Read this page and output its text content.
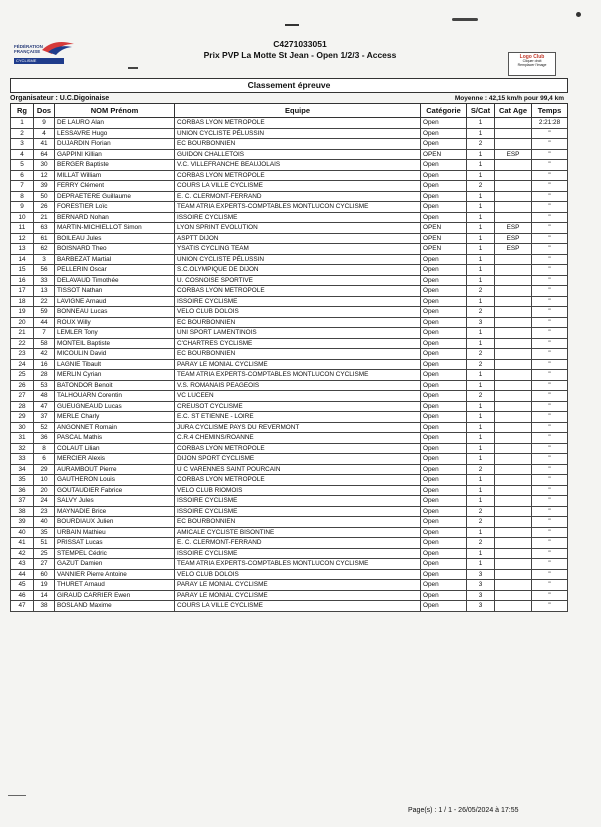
FÉDÉRATION
FRANÇAISE
CYCLISME
C4271033051
Prix PVP La Motte St Jean - Open 1/2/3 - Access	Logo Club
Cliquer droit
Remplacer l'image
Classement épreuve
Organisateur : U.C.Digoinaise	Moyenne : 42,15 km/h pour 99,4 km
Rg	Dos	NOM Prénom	Equipe	Catégorie	S/Cat	Cat Age	Temps
1	9	DE LAURO Alan	CORBAS LYON METROPOLE	Open	1		2:21:28
2	4	LESSAVRE Hugo	UNION CYCLISTE PÉLUSSIN	Open	1		"
3	41	DUJARDIN Florian	EC BOURBONNIEN	Open	2		"
4	64	GAPPINI Killian	GUIDON CHALLETOIS	OPEN	1	ESP	"
5	30	BERGER Baptiste	V.C. VILLEFRANCHE BEAUJOLAIS	Open	1		"
6	12	MILLAT William	CORBAS LYON METROPOLE	Open	1		"
7	39	FERRY Clément	COURS LA VILLE CYCLISME	Open	2		"
8	50	DEPRAETERE Guillaume	E. C. CLERMONT-FERRAND	Open	1		"
9	26	FORESTIER Loïc	TEAM ATRIA EXPERTS-COMPTABLES MONTLUCON CYCLISME	Open	1		"
10	21	BERNARD Nohan	ISSOIRE CYCLISME	Open	1		"
11	63	MARTIN-MICHIELLOT Simon	LYON SPRINT EVOLUTION	OPEN	1	ESP	"
12	61	BOILEAU Jules	ASPTT DIJON	OPEN	1	ESP	"
13	62	BOISNARD Theo	YSATIS CYCLING TEAM	OPEN	1	ESP	"
14	3	BARBEZAT Martial	UNION CYCLISTE PÉLUSSIN	Open	1		"
15	56	PELLERIN Oscar	S.C.OLYMPIQUE DE DIJON	Open	1		"
16	33	DELAVAUD Timothée	U. COSNOISE SPORTIVE	Open	1		"
17	13	TISSOT Nathan	CORBAS LYON METROPOLE	Open	2		"
18	22	LAVIGNE Arnaud	ISSOIRE CYCLISME	Open	1		"
19	59	BONNEAU Lucas	VELO CLUB DOLOIS	Open	2		"
20	44	ROUX Willy	EC BOURBONNIEN	Open	3		"
21	7	LEMLER Tony	UNI SPORT LAMENTINOIS	Open	1		"
22	58	MONTEIL Baptiste	C'CHARTRES CYCLISME	Open	1		"
23	42	MICOULIN David	EC BOURBONNIEN	Open	2		"
24	16	LAGNIE Tibault	PARAY LE MONIAL CYCLISME	Open	2		"
25	28	MERLIN Cyrian	TEAM ATRIA EXPERTS-COMPTABLES MONTLUCON CYCLISME	Open	1		"
26	53	BATONDOR Benoit	V.S. ROMANAIS PEAGEOIS	Open	1		"
27	48	TALHOUARN Corentin	VC LUCEEN	Open	2		"
28	47	GUEUGNEAUD Lucas	CREUSOT CYCLISME	Open	1		"
29	37	MERLE Charly	E.C. ST ETIENNE - LOIRE	Open	1		"
30	52	ANGONNET Romain	JURA CYCLISME PAYS DU REVERMONT	Open	1		"
31	36	PASCAL Mathis	C.R.4 CHEMINS/ROANNE	Open	1		"
32	8	COLAUT Lilian	CORBAS LYON METROPOLE	Open	1		"
33	6	MERCIER Alexis	DIJON SPORT CYCLISME	Open	1		"
34	29	AURAMBOUT Pierre	U C VARENNES SAINT POURCAIN	Open	2		"
35	10	GAUTHERON Louis	CORBAS LYON METROPOLE	Open	1		"
36	20	GOUTAUDIER Fabrice	VELO CLUB RIOMOIS	Open	1		"
37	24	SALVY Jules	ISSOIRE CYCLISME	Open	1		"
38	23	MAYNADIE Brice	ISSOIRE CYCLISME	Open	2		"
39	40	BOURDIAUX Julien	EC BOURBONNIEN	Open	2		"
40	35	URBAIN Mathieu	AMICALE CYCLISTE BISONTINE	Open	1		"
41	51	PRISSAT Lucas	E. C. CLERMONT-FERRAND	Open	2		"
42	25	STEMPEL Cédric	ISSOIRE CYCLISME	Open	1		"
43	27	GAZUT Damien	TEAM ATRIA EXPERTS-COMPTABLES MONTLUCON CYCLISME	Open	1		"
44	60	VANNIER Pierre Antoine	VELO CLUB DOLOIS	Open	3		"
45	19	THURET Arnaud	PARAY LE MONIAL CYCLISME	Open	3		"
46	14	GIRAUD CARRIER Ewen	PARAY LE MONIAL CYCLISME	Open	3		"
47	38	BOSLAND Maxime	COURS LA VILLE CYCLISME	Open	3		"
Page(s) : 1 / 1 - 26/05/2024 à 17:55
